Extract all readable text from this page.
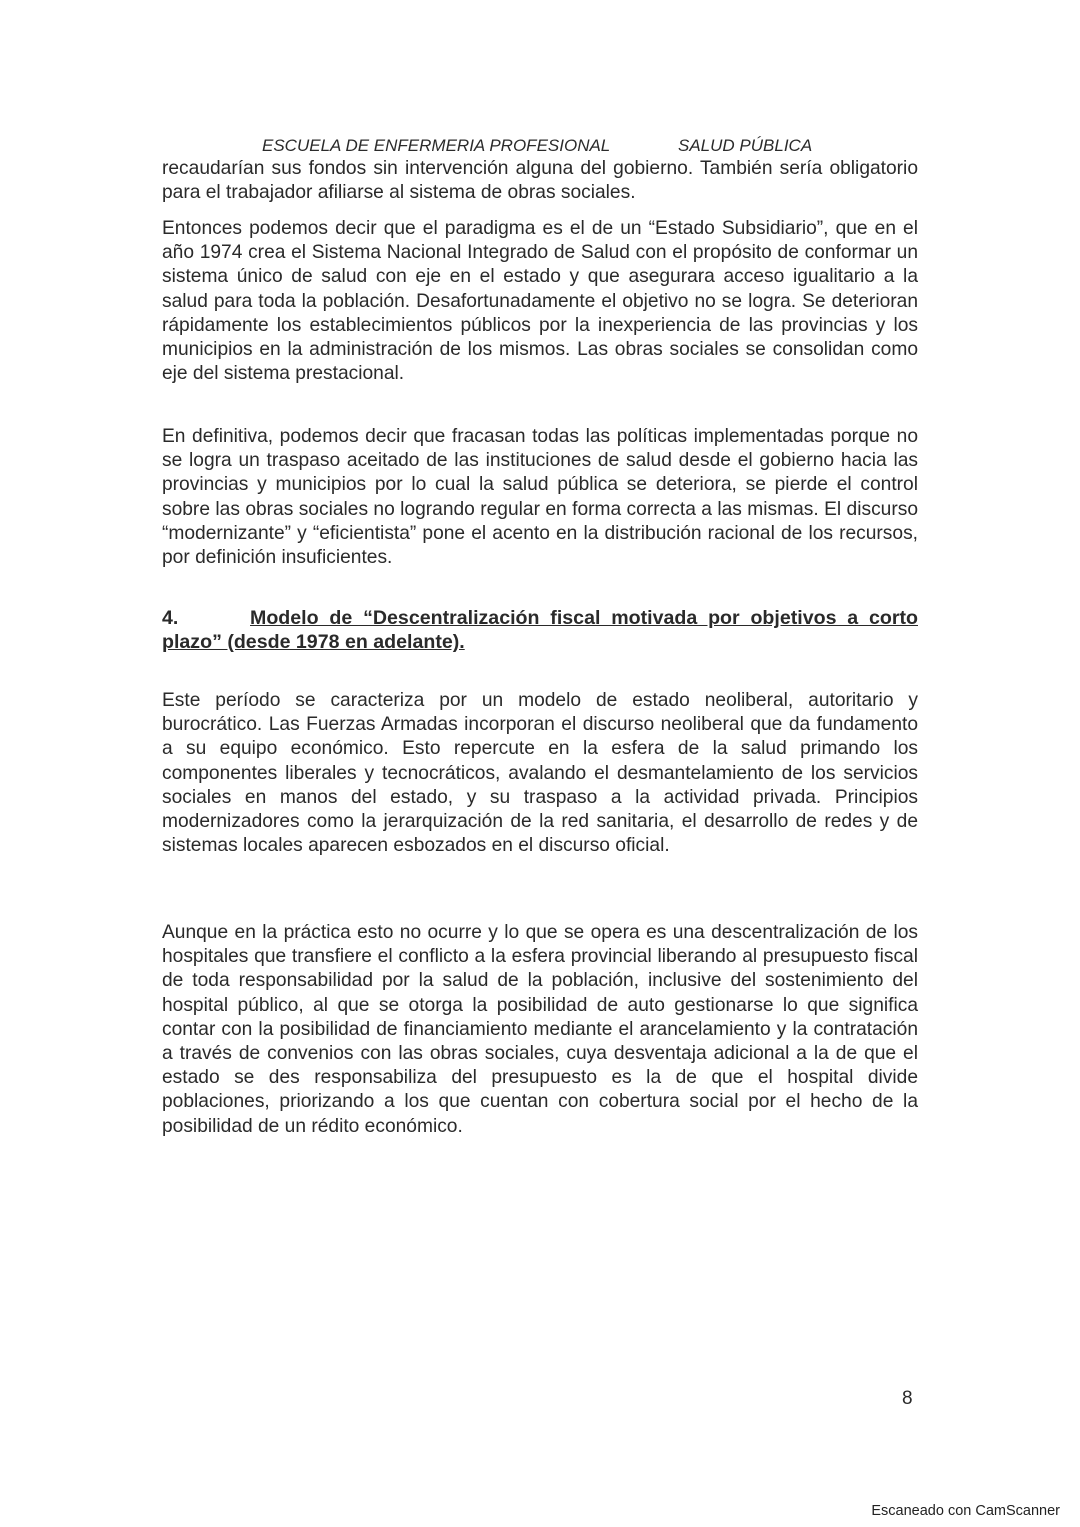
ESCUELA DE ENFERMERIA PROFESIONAL	SALUD PÚBLICA

recaudarían sus fondos sin intervención alguna del gobierno. También sería obligatorio para el trabajador afiliarse al sistema de obras sociales.

Entonces podemos decir que el paradigma es el de un “Estado Subsidiario”, que en el año 1974 crea el Sistema Nacional Integrado de Salud con el propósito de conformar un sistema único de salud con eje en el estado y que asegurara acceso igualitario a la salud para toda la población. Desafortunadamente el objetivo no se logra. Se deterioran rápidamente los establecimientos públicos por la inexperiencia de las provincias y los municipios en la administración de los mismos. Las obras sociales se consolidan como eje del sistema prestacional.

En definitiva, podemos decir que fracasan todas las políticas implementadas porque no se logra un traspaso aceitado de las instituciones de salud desde el gobierno hacia las provincias y municipios por lo cual la salud pública se deteriora, se pierde el control sobre las obras sociales no logrando regular en forma correcta a las mismas. El discurso “modernizante” y “eficientista” pone el acento en la distribución racional de los recursos, por definición insuficientes.

4.	Modelo de “Descentralización fiscal motivada por objetivos a corto plazo” (desde 1978 en adelante).

Este período se caracteriza por un modelo de estado neoliberal, autoritario y burocrático. Las Fuerzas Armadas incorporan el discurso neoliberal que da fundamento a su equipo económico. Esto repercute en la esfera de la salud primando los componentes liberales y tecnocráticos, avalando el desmantelamiento de los servicios sociales en manos del estado, y su traspaso a la actividad privada. Principios modernizadores como la jerarquización de la red sanitaria, el desarrollo de redes y de sistemas locales aparecen esbozados en el discurso oficial.

Aunque en la práctica esto no ocurre y lo que se opera es una descentralización de los hospitales que transfiere el conflicto a la esfera provincial liberando al presupuesto fiscal de toda responsabilidad por la salud de la población, inclusive del sostenimiento del hospital público, al que se otorga la posibilidad de auto gestionarse lo que significa contar con la posibilidad de financiamiento mediante el arancelamiento y la contratación a través de convenios con las obras sociales, cuya desventaja adicional a la de que el estado se des responsabiliza del presupuesto es la de que el hospital divide poblaciones, priorizando a los que cuentan con cobertura social por el hecho de la posibilidad de un rédito económico.

8
Escaneado con CamScanner
